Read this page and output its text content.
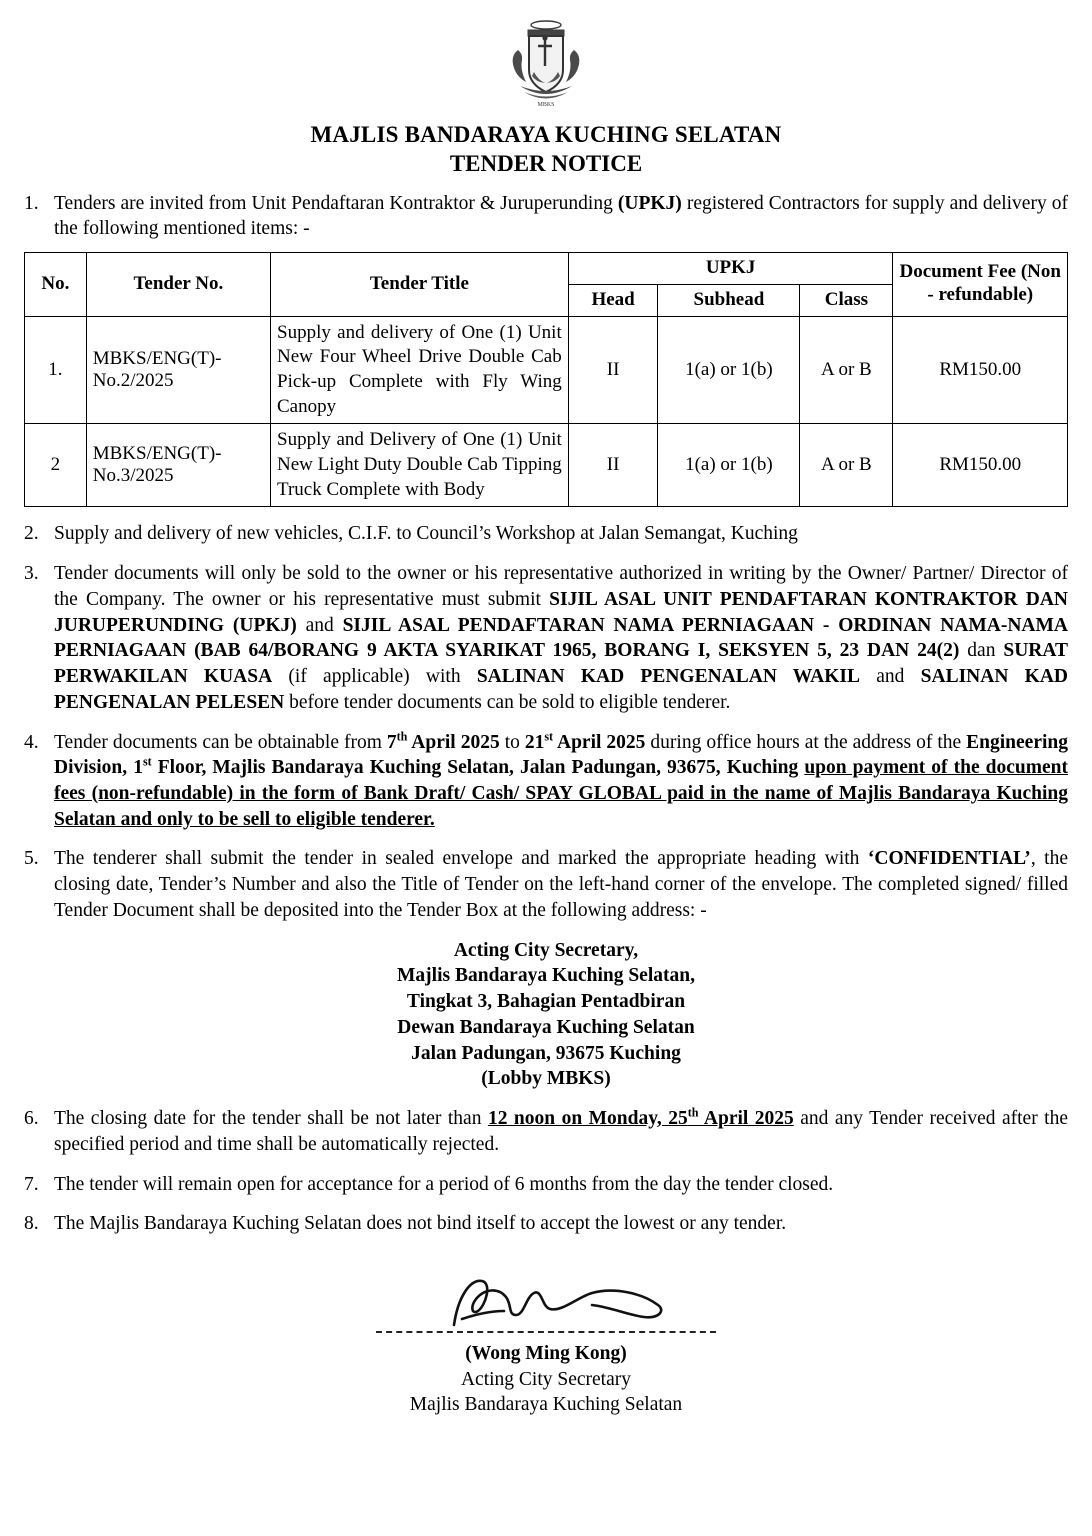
MBKS
MAJLIS BANDARAYA KUCHING SELATAN
TENDER NOTICE
1. Tenders are invited from Unit Pendaftaran Kontraktor & Juruperunding (UPKJ) registered Contractors for supply and delivery of the following mentioned items: -
No.	Tender No.	Tender Title	UPKJ			Document Fee (Non - refundable)
			Head	Subhead	Class	
1.	MBKS/ENG(T)-No.2/2025	Supply and delivery of One (1) Unit New Four Wheel Drive Double Cab Pick-up Complete with Fly Wing Canopy	II	1(a) or 1(b)	A or B	RM150.00
2	MBKS/ENG(T)-No.3/2025	Supply and Delivery of One (1) Unit New Light Duty Double Cab Tipping Truck Complete with Body	II	1(a) or 1(b)	A or B	RM150.00
2. Supply and delivery of new vehicles, C.I.F. to Council’s Workshop at Jalan Semangat, Kuching
3. Tender documents will only be sold to the owner or his representative authorized in writing by the Owner/ Partner/ Director of the Company. The owner or his representative must submit SIJIL ASAL UNIT PENDAFTARAN KONTRAKTOR DAN JURUPERUNDING (UPKJ) and SIJIL ASAL PENDAFTARAN NAMA PERNIAGAAN - ORDINAN NAMA-NAMA PERNIAGAAN (BAB 64/BORANG 9 AKTA SYARIKAT 1965, BORANG I, SEKSYEN 5, 23 DAN 24(2) dan SURAT PERWAKILAN KUASA (if applicable) with SALINAN KAD PENGENALAN WAKIL and SALINAN KAD PENGENALAN PELESEN before tender documents can be sold to eligible tenderer.
4. Tender documents can be obtainable from 7th April 2025 to 21st April 2025 during office hours at the address of the Engineering Division, 1st Floor, Majlis Bandaraya Kuching Selatan, Jalan Padungan, 93675, Kuching upon payment of the document fees (non-refundable) in the form of Bank Draft/ Cash/ SPAY GLOBAL paid in the name of Majlis Bandaraya Kuching Selatan and only to be sell to eligible tenderer.
5. The tenderer shall submit the tender in sealed envelope and marked the appropriate heading with ‘CONFIDENTIAL’, the closing date, Tender’s Number and also the Title of Tender on the left-hand corner of the envelope. The completed signed/ filled Tender Document shall be deposited into the Tender Box at the following address: -
Acting City Secretary,
Majlis Bandaraya Kuching Selatan,
Tingkat 3, Bahagian Pentadbiran
Dewan Bandaraya Kuching Selatan
Jalan Padungan, 93675 Kuching
(Lobby MBKS)
6. The closing date for the tender shall be not later than 12 noon on Monday, 25th April 2025 and any Tender received after the specified period and time shall be automatically rejected.
7. The tender will remain open for acceptance for a period of 6 months from the day the tender closed.
8. The Majlis Bandaraya Kuching Selatan does not bind itself to accept the lowest or any tender.
(Wong Ming Kong)
Acting City Secretary
Majlis Bandaraya Kuching Selatan
